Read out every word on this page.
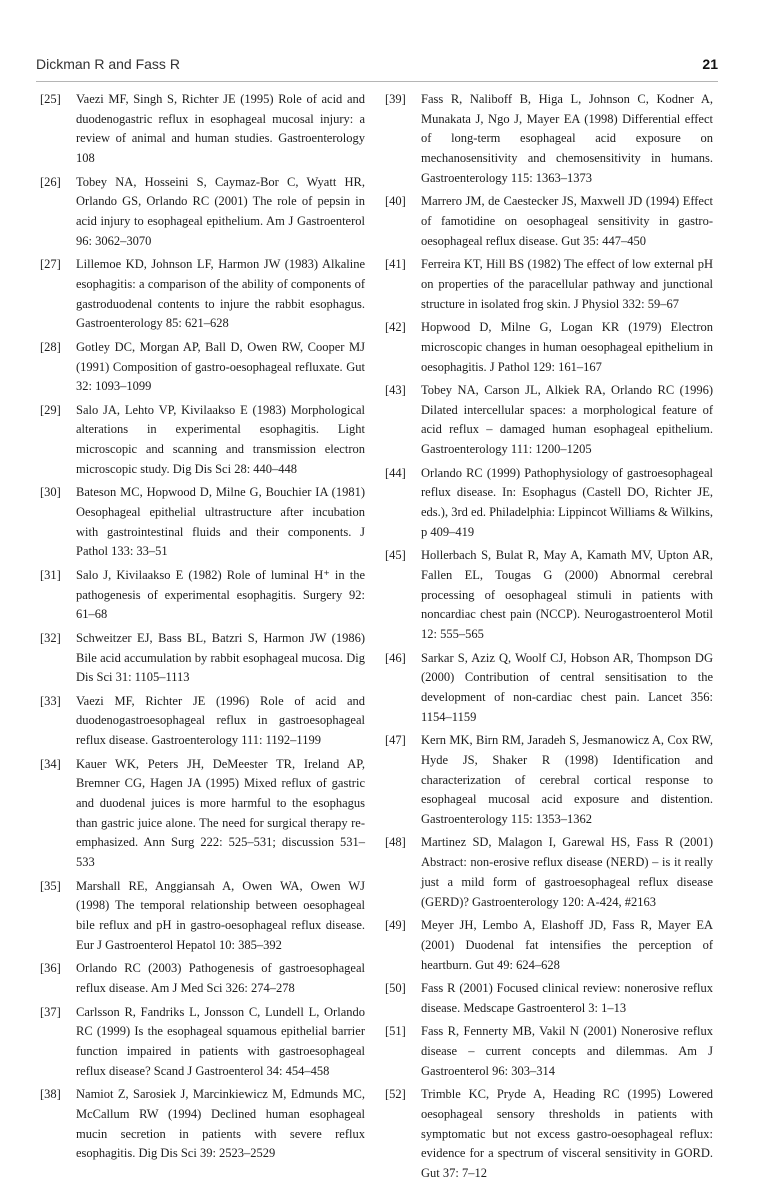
Dickman R and Fass R	21
[25] Vaezi MF, Singh S, Richter JE (1995) Role of acid and duodenogastric reflux in esophageal mucosal injury: a review of animal and human studies. Gastroenterology 108
[26] Tobey NA, Hosseini S, Caymaz-Bor C, Wyatt HR, Orlando GS, Orlando RC (2001) The role of pepsin in acid injury to esophageal epithelium. Am J Gastroenterol 96: 3062–3070
[27] Lillemoe KD, Johnson LF, Harmon JW (1983) Alkaline esophagitis: a comparison of the ability of components of gastroduodenal contents to injure the rabbit esophagus. Gastroenterology 85: 621–628
[28] Gotley DC, Morgan AP, Ball D, Owen RW, Cooper MJ (1991) Composition of gastro-oesophageal refluxate. Gut 32: 1093–1099
[29] Salo JA, Lehto VP, Kivilaakso E (1983) Morphological alterations in experimental esophagitis. Light microscopic and scanning and transmission electron microscopic study. Dig Dis Sci 28: 440–448
[30] Bateson MC, Hopwood D, Milne G, Bouchier IA (1981) Oesophageal epithelial ultrastructure after incubation with gastrointestinal fluids and their components. J Pathol 133: 33–51
[31] Salo J, Kivilaakso E (1982) Role of luminal H⁺ in the pathogenesis of experimental esophagitis. Surgery 92: 61–68
[32] Schweitzer EJ, Bass BL, Batzri S, Harmon JW (1986) Bile acid accumulation by rabbit esophageal mucosa. Dig Dis Sci 31: 1105–1113
[33] Vaezi MF, Richter JE (1996) Role of acid and duodenogastroesophageal reflux in gastroesophageal reflux disease. Gastroenterology 111: 1192–1199
[34] Kauer WK, Peters JH, DeMeester TR, Ireland AP, Bremner CG, Hagen JA (1995) Mixed reflux of gastric and duodenal juices is more harmful to the esophagus than gastric juice alone. The need for surgical therapy re-emphasized. Ann Surg 222: 525–531; discussion 531–533
[35] Marshall RE, Anggiansah A, Owen WA, Owen WJ (1998) The temporal relationship between oesophageal bile reflux and pH in gastro-oesophageal reflux disease. Eur J Gastroenterol Hepatol 10: 385–392
[36] Orlando RC (2003) Pathogenesis of gastroesophageal reflux disease. Am J Med Sci 326: 274–278
[37] Carlsson R, Fandriks L, Jonsson C, Lundell L, Orlando RC (1999) Is the esophageal squamous epithelial barrier function impaired in patients with gastroesophageal reflux disease? Scand J Gastroenterol 34: 454–458
[38] Namiot Z, Sarosiek J, Marcinkiewicz M, Edmunds MC, McCallum RW (1994) Declined human esophageal mucin secretion in patients with severe reflux esophagitis. Dig Dis Sci 39: 2523–2529
[39] Fass R, Naliboff B, Higa L, Johnson C, Kodner A, Munakata J, Ngo J, Mayer EA (1998) Differential effect of long-term esophageal acid exposure on mechanosensitivity and chemosensitivity in humans. Gastroenterology 115: 1363–1373
[40] Marrero JM, de Caestecker JS, Maxwell JD (1994) Effect of famotidine on oesophageal sensitivity in gastro-oesophageal reflux disease. Gut 35: 447–450
[41] Ferreira KT, Hill BS (1982) The effect of low external pH on properties of the paracellular pathway and junctional structure in isolated frog skin. J Physiol 332: 59–67
[42] Hopwood D, Milne G, Logan KR (1979) Electron microscopic changes in human oesophageal epithelium in oesophagitis. J Pathol 129: 161–167
[43] Tobey NA, Carson JL, Alkiek RA, Orlando RC (1996) Dilated intercellular spaces: a morphological feature of acid reflux – damaged human esophageal epithelium. Gastroenterology 111: 1200–1205
[44] Orlando RC (1999) Pathophysiology of gastroesophageal reflux disease. In: Esophagus (Castell DO, Richter JE, eds.), 3rd ed. Philadelphia: Lippincot Williams & Wilkins, p 409–419
[45] Hollerbach S, Bulat R, May A, Kamath MV, Upton AR, Fallen EL, Tougas G (2000) Abnormal cerebral processing of oesophageal stimuli in patients with noncardiac chest pain (NCCP). Neurogastroenterol Motil 12: 555–565
[46] Sarkar S, Aziz Q, Woolf CJ, Hobson AR, Thompson DG (2000) Contribution of central sensitisation to the development of non-cardiac chest pain. Lancet 356: 1154–1159
[47] Kern MK, Birn RM, Jaradeh S, Jesmanowicz A, Cox RW, Hyde JS, Shaker R (1998) Identification and characterization of cerebral cortical response to esophageal mucosal acid exposure and distention. Gastroenterology 115: 1353–1362
[48] Martinez SD, Malagon I, Garewal HS, Fass R (2001) Abstract: non-erosive reflux disease (NERD) – is it really just a mild form of gastroesophageal reflux disease (GERD)? Gastroenterology 120: A-424, #2163
[49] Meyer JH, Lembo A, Elashoff JD, Fass R, Mayer EA (2001) Duodenal fat intensifies the perception of heartburn. Gut 49: 624–628
[50] Fass R (2001) Focused clinical review: nonerosive reflux disease. Medscape Gastroenterol 3: 1–13
[51] Fass R, Fennerty MB, Vakil N (2001) Nonerosive reflux disease – current concepts and dilemmas. Am J Gastroenterol 96: 303–314
[52] Trimble KC, Pryde A, Heading RC (1995) Lowered oesophageal sensory thresholds in patients with symptomatic but not excess gastro-oesophageal reflux: evidence for a spectrum of visceral sensitivity in GORD. Gut 37: 7–12
